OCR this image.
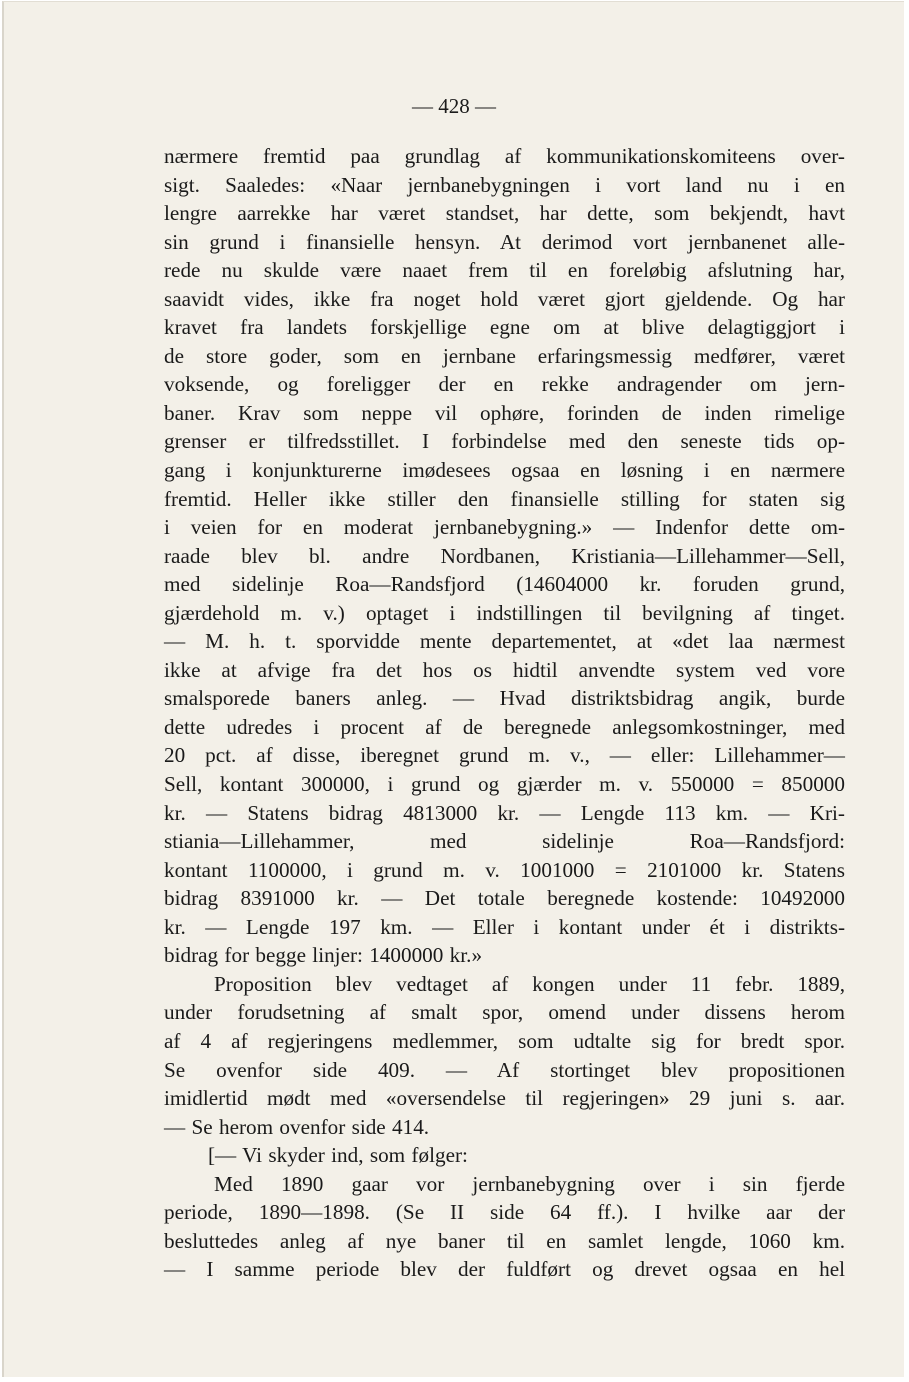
— 428 —
nærmere fremtid paa grundlag af kommunikationskomiteens over-
sigt. Saaledes: «Naar jernbanebygningen i vort land nu i en
lengre aarrekke har været standset, har dette, som bekjendt, havt
sin grund i finansielle hensyn. At derimod vort jernbanenet alle-
rede nu skulde være naaet frem til en foreløbig afslutning har,
saavidt vides, ikke fra noget hold været gjort gjeldende. Og har
kravet fra landets forskjellige egne om at blive delagtiggjort i
de store goder, som en jernbane erfaringsmessig medfører, været
voksende, og foreligger der en rekke andragender om jern-
baner. Krav som neppe vil ophøre, forinden de inden rimelige
grenser er tilfredsstillet. I forbindelse med den seneste tids op-
gang i konjunkturerne imødesees ogsaa en løsning i en nærmere
fremtid. Heller ikke stiller den finansielle stilling for staten sig
i veien for en moderat jernbanebygning.» — Indenfor dette om-
raade blev bl. andre Nordbanen, Kristiania—Lillehammer—Sell,
med sidelinje Roa—Randsfjord (14604000 kr. foruden grund,
gjærdehold m. v.) optaget i indstillingen til bevilgning af tinget.
— M. h. t. sporvidde mente departementet, at «det laa nærmest
ikke at afvige fra det hos os hidtil anvendte system ved vore
smalsporede baners anleg. — Hvad distriktsbidrag angik, burde
dette udredes i procent af de beregnede anlegsomkostninger, med
20 pct. af disse, iberegnet grund m. v., — eller: Lillehammer—
Sell, kontant 300000, i grund og gjærder m. v. 550000 = 850000
kr. — Statens bidrag 4813000 kr. — Lengde 113 km. — Kri-
stiania—Lillehammer, med sidelinje Roa—Randsfjord:
kontant 1100000, i grund m. v. 1001000 = 2101000 kr. Statens
bidrag 8391000 kr. — Det totale beregnede kostende: 10492000
kr. — Lengde 197 km. — Eller i kontant under ét i distrikts-
bidrag for begge linjer: 1400000 kr.»
Proposition blev vedtaget af kongen under 11 febr. 1889,
under forudsetning af smalt spor, omend under dissens herom
af 4 af regjeringens medlemmer, som udtalte sig for bredt spor.
Se ovenfor side 409. — Af stortinget blev propositionen
imidlertid mødt med «oversendelse til regjeringen» 29 juni s. aar.
— Se herom ovenfor side 414.
[— Vi skyder ind, som følger:
Med 1890 gaar vor jernbanebygning over i sin fjerde
periode, 1890—1898. (Se II side 64 ff.). I hvilke aar der
besluttedes anleg af nye baner til en samlet lengde, 1060 km.
— I samme periode blev der fuldført og drevet ogsaa en hel
